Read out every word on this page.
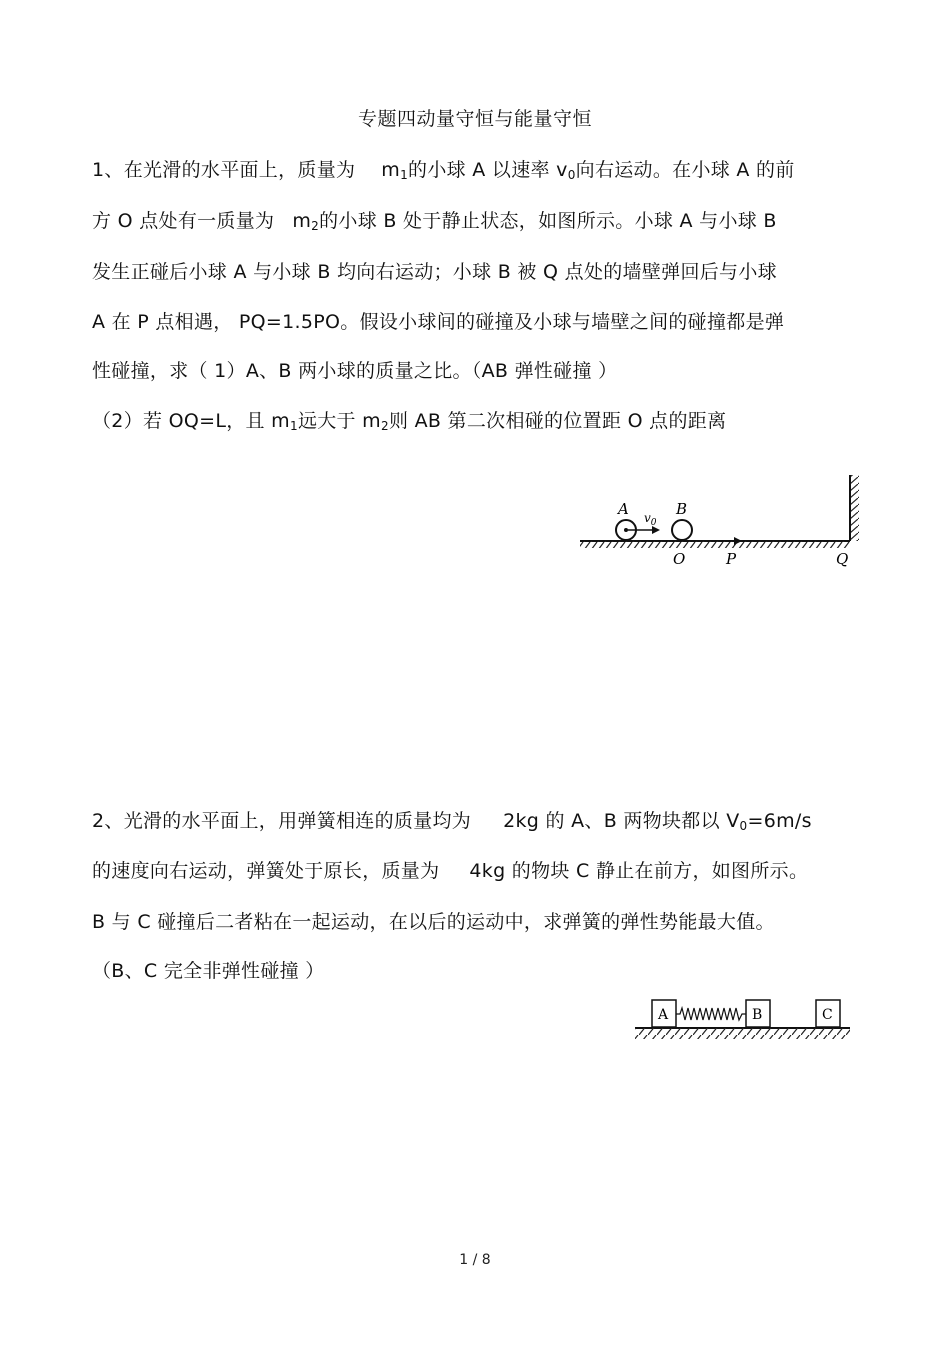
专题四动量守恒与能量守恒
1、在光滑的水平面上，质量为 $m_1$的小球 A 以速率 $v_0$向右运动。在小球 A 的前
方 O 点处有一质量为 $m_2$的小球 B 处于静止状态，如图所示。小球 A 与小球 B
发生正碰后小球 A 与小球 B 均向右运动；小球 B 被 Q 点处的墙壁弹回后与小球
A 在 P 点相遇， PQ=1.5PO。假设小球间的碰撞及小球与墙壁之间的碰撞都是弹
性碰撞，求（ 1）A、B 两小球的质量之比。（AB 弹性碰撞 ）
（2）若 OQ=L，且 $m_1$远大于 $m_2$则 AB 第二次相碰的位置距 O 点的距离
A $v_0$
B
O	P	Q
2、光滑的水平面上，用弹簧相连的质量均为 2kg 的 A、B 两物块都以 $V_0=6m/s$
的速度向右运动，弹簧处于原长，质量为 4kg 的物块 C 静止在前方，如图所示。
B 与 C 碰撞后二者粘在一起运动，在以后的运动中，求弹簧的弹性势能最大值。
（B、C 完全非弹性碰撞 ）
A	B	C
1 / 8
